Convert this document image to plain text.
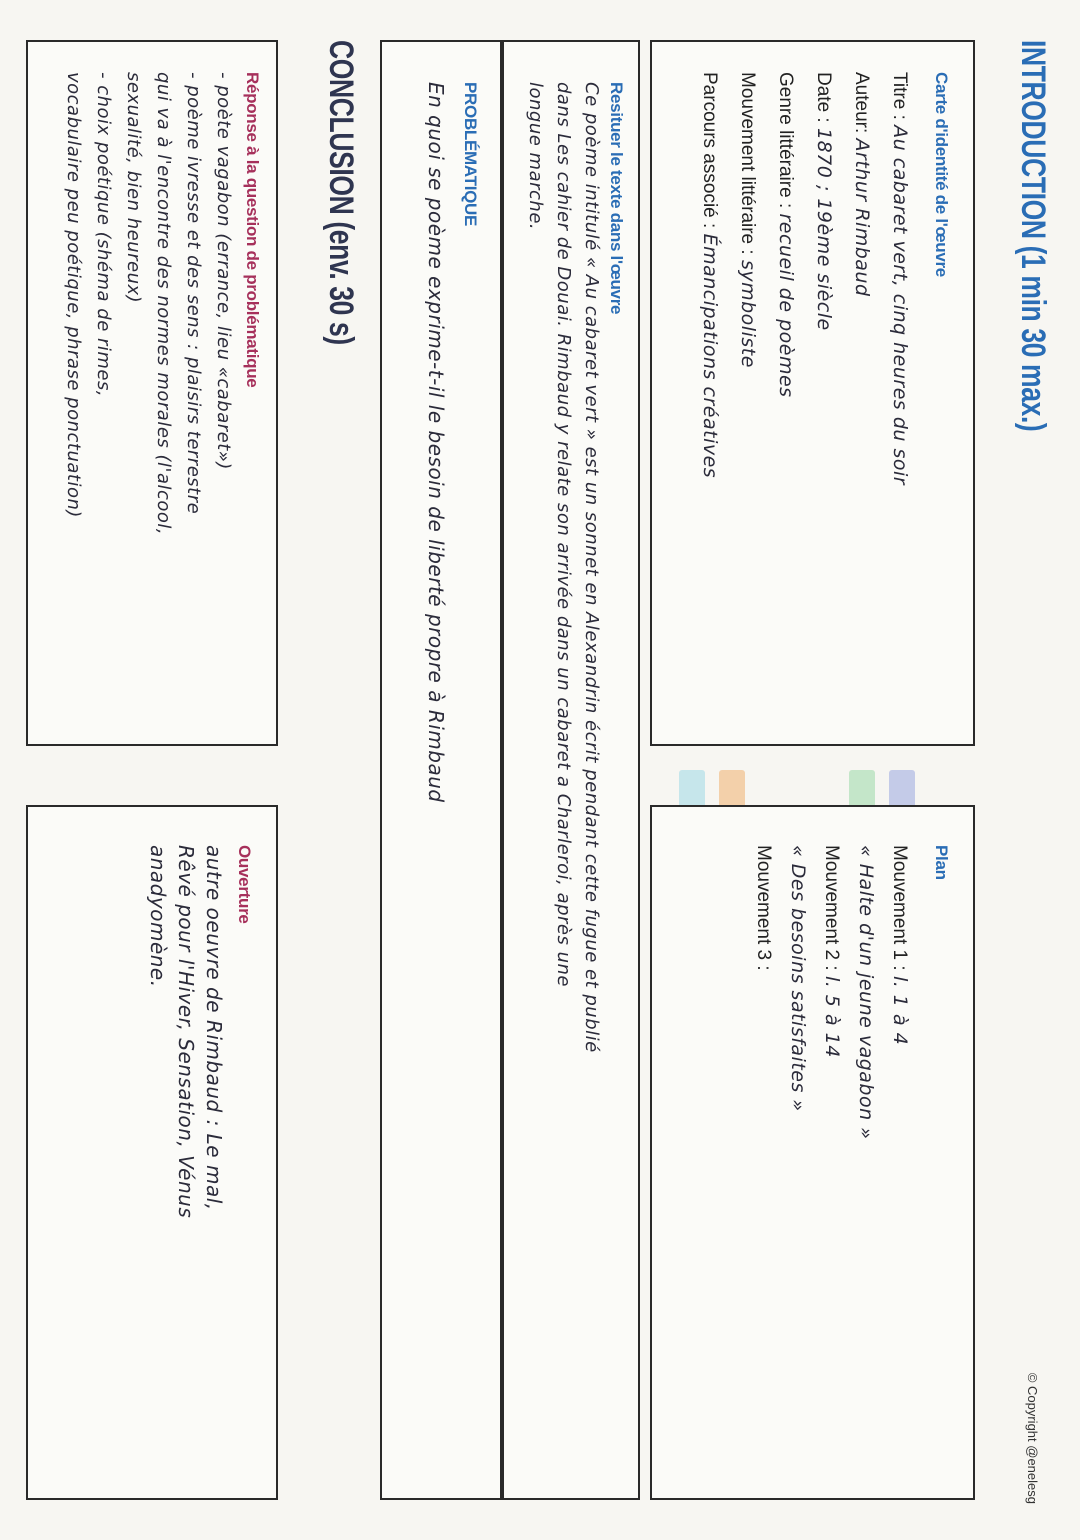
© Copyright @enelesg
INTRODUCTION (1 min 30 max.)
Carte d'identité de l'œuvre
Titre : Au cabaret vert, cinq heures du soir
Auteur: Arthur Rimbaud
Date : 1870 ; 19ème siècle
Genre littéraire : recueil de poèmes
Mouvement littéraire : symboliste
Parcours associé : Émancipations créatives
Plan
Mouvement 1 : l. 1 à 4
« Halte d'un jeune vagabon »
Mouvement 2 : l. 5 à 14
« Des besoins satisfaites »
Mouvement 3 :
Resituer le texte dans l'œuvre
Ce poème intitulé « Au cabaret vert » est un sonnet en Alexandrin écrit pendant cette fugue et publié
dans Les cahier de Douai. Rimbaud y relate son arrivée dans un cabaret a Charleroi, après une
longue marche.
PROBLÉMATIQUE
En quoi se poème exprime-t-il le besoin de liberté propre à Rimbaud
CONCLUSION (env. 30 s)
Réponse à la question de problématique
- poète vagabon (errance, lieu «cabaret»)
- poème ivresse et des sens : plaisirs terrestre
qui va à l'encontre des normes morales (l'alcool,
sexualité, bien heureux)
- choix poétique (shéma de rimes,
vocabulaire peu poétique, phrase ponctuation)
Ouverture
autre oeuvre de Rimbaud : Le mal,
Rêvé pour l'Hiver, Sensation, Vénus
anadyomène.
